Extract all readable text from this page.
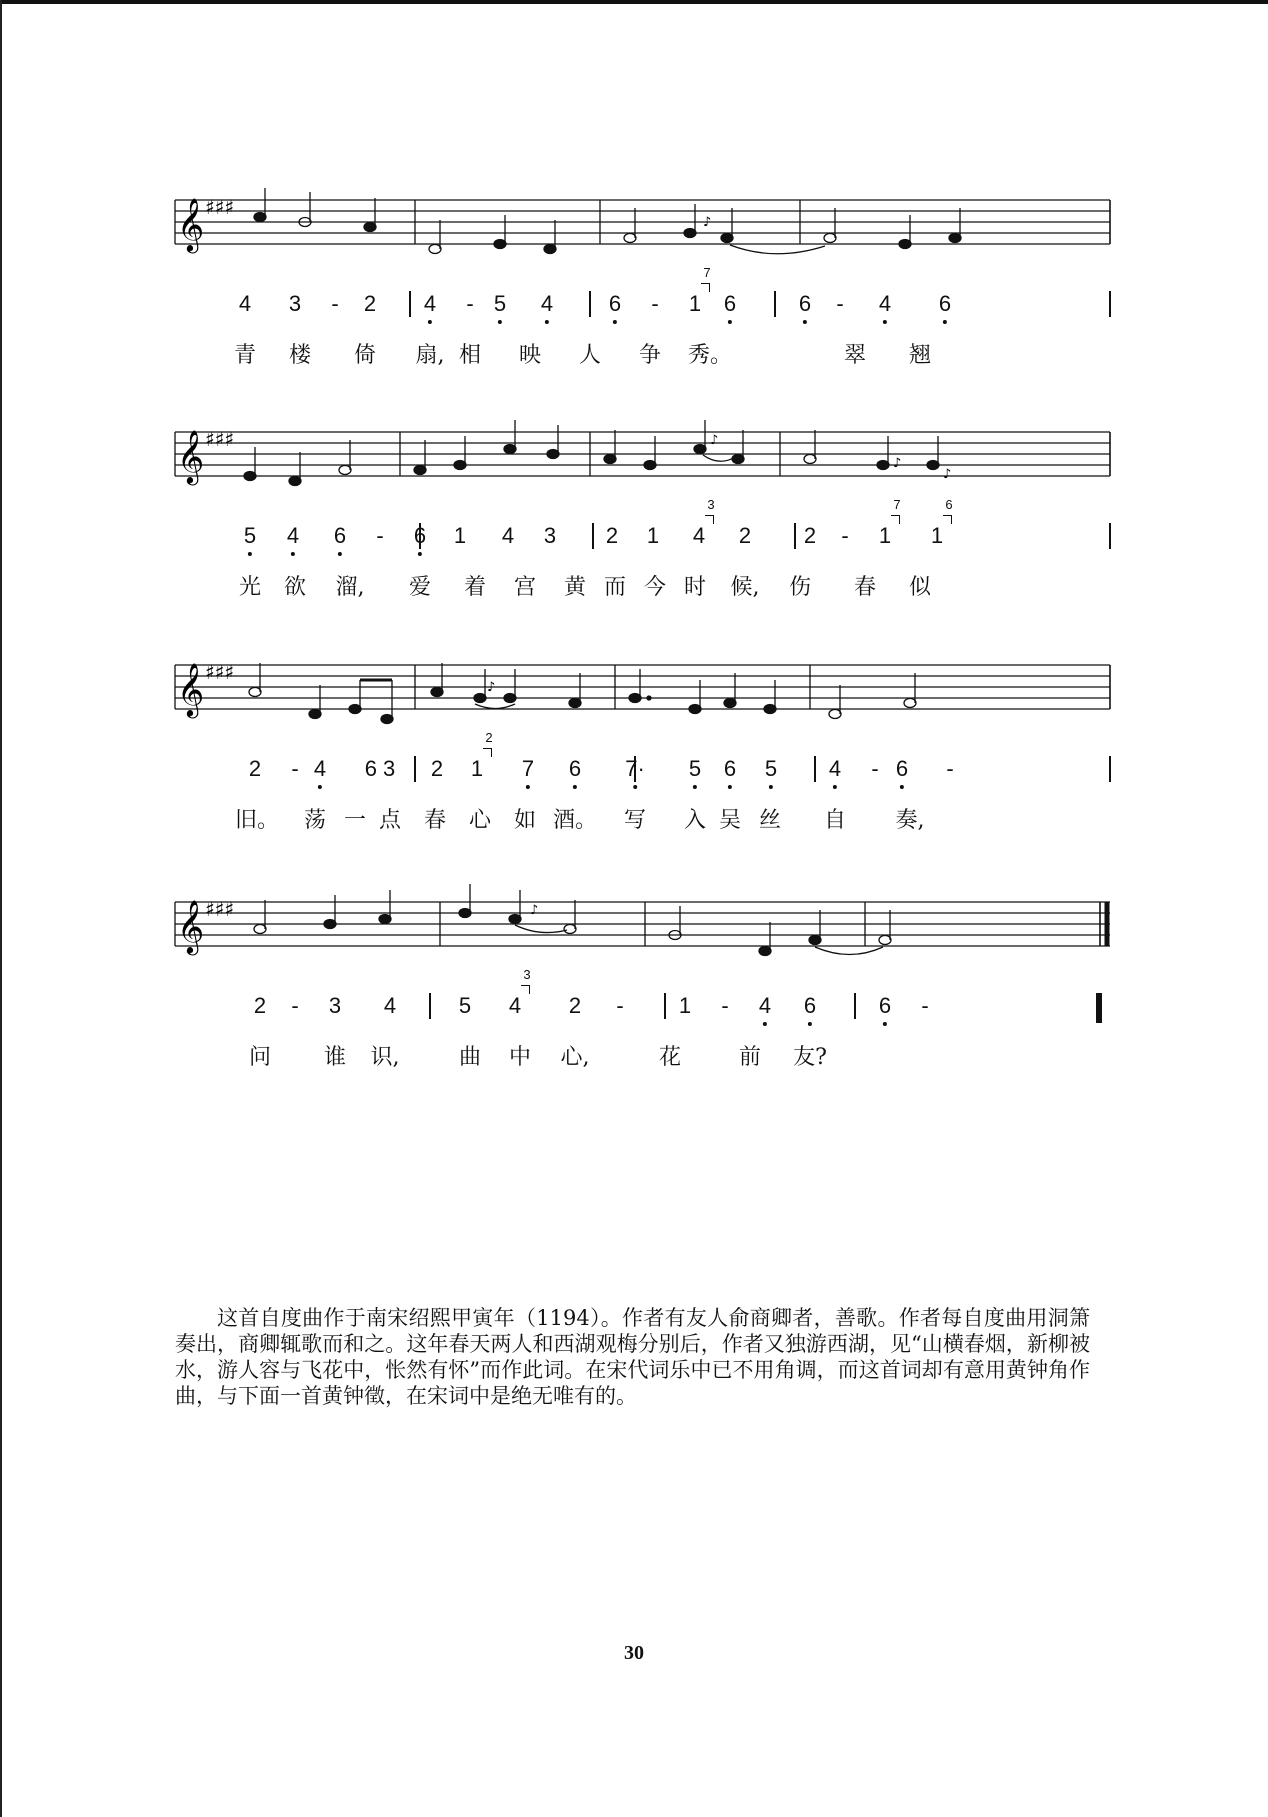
𝄞 ♯♯♯
♪
4 3 - 2 4 - 5 4	6 - 1
7
6	6 - 4 6
青 楼 倚 扇, 相 映 人 争 秀。	翠 翘
𝄞 ♯♯♯	♪
♪
♪
5 4 6 - 6 1 4 3 2 1 4
3
2 2 - 1
7
1
6
光 欲 溜, 爱 着 宫 黄 而 今 时 候, 伤 春 似
𝄞 ♯♯♯
♪
2 - 4 6 3 2 1
2
7 6 7· 5 6 5 4 - 6 -
旧。 荡 一 点 春 心 如 酒。 写 入 吴 丝 自 奏,
𝄞 ♯♯♯	♪
2 - 3 4	5 4
3
2 -	1 - 4 6	6 -
问 谁 识,	曲 中 心,	花	前 友?
这首自度曲作于南宋绍熙甲寅年（1194）。作者有友人俞商卿者，善歌。作者每自度曲用洞箫奏出，商卿辄歌而和之。这年春天两人和西湖观梅分别后，作者又独游西湖，见“山横春烟，新柳被水，游人容与飞花中，怅然有怀”而作此词。在宋代词乐中已不用角调，而这首词却有意用黄钟角作曲，与下面一首黄钟徵，在宋词中是绝无唯有的。
30
